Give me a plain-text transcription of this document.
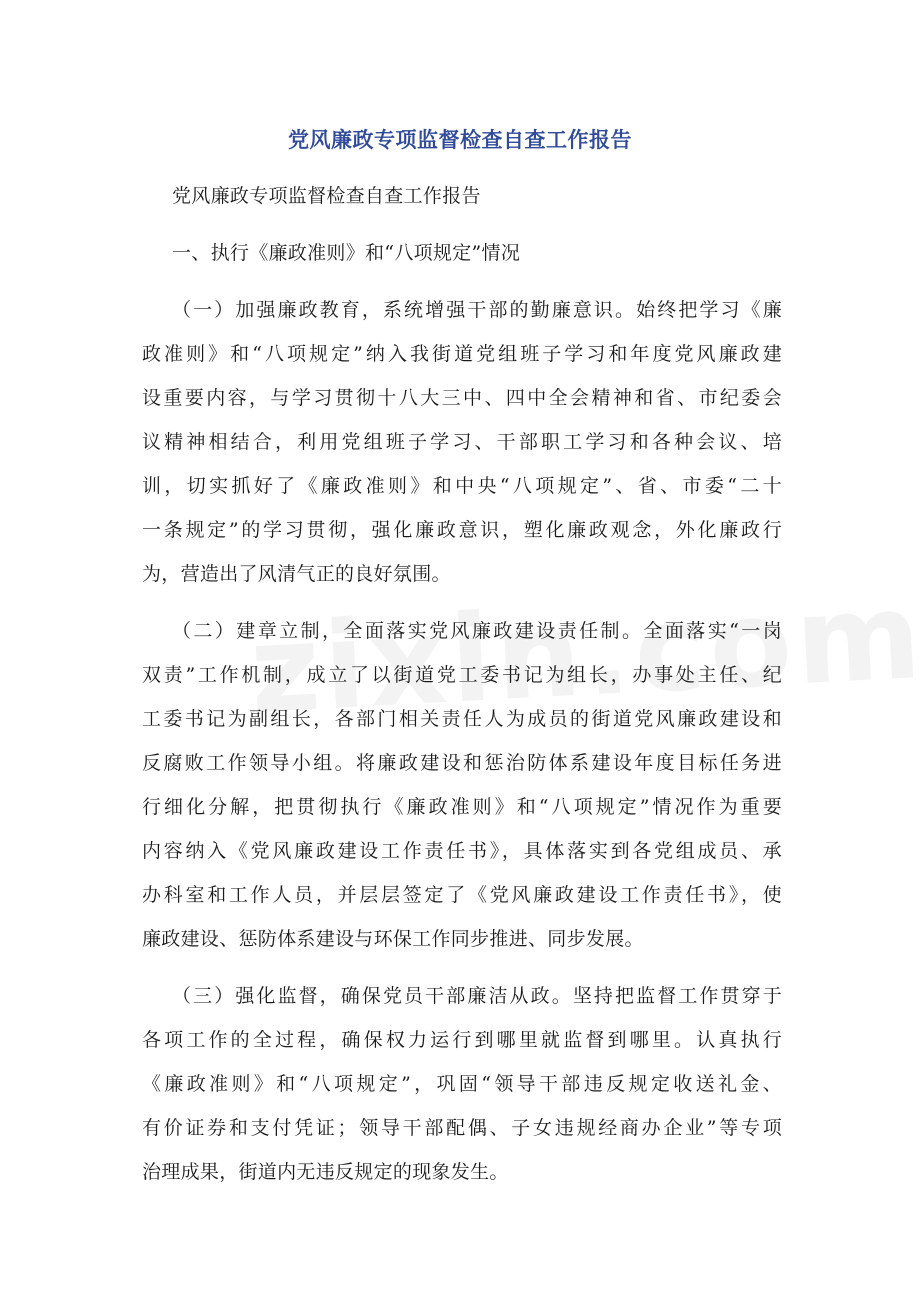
党风廉政专项监督检查自查工作报告
党风廉政专项监督检查自查工作报告
一、执行《廉政准则》和“八项规定”情况
（一）加强廉政教育，系统增强干部的勤廉意识。始终把学习《廉
政准则》和“八项规定”纳入我街道党组班子学习和年度党风廉政建
设重要内容，与学习贯彻十八大三中、四中全会精神和省、市纪委会
议精神相结合，利用党组班子学习、干部职工学习和各种会议、培
训，切实抓好了《廉政准则》和中央“八项规定”、省、市委“二十
一条规定”的学习贯彻，强化廉政意识，塑化廉政观念，外化廉政行
为，营造出了风清气正的良好氛围。
（二）建章立制，全面落实党风廉政建设责任制。全面落实“一岗
双责”工作机制，成立了以街道党工委书记为组长，办事处主任、纪
工委书记为副组长，各部门相关责任人为成员的街道党风廉政建设和
反腐败工作领导小组。将廉政建设和惩治防体系建设年度目标任务进
行细化分解，把贯彻执行《廉政准则》和“八项规定”情况作为重要
内容纳入《党风廉政建设工作责任书》，具体落实到各党组成员、承
办科室和工作人员，并层层签定了《党风廉政建设工作责任书》，使
廉政建设、惩防体系建设与环保工作同步推进、同步发展。
（三）强化监督，确保党员干部廉洁从政。坚持把监督工作贯穿于
各项工作的全过程，确保权力运行到哪里就监督到哪里。认真执行
《廉政准则》和“八项规定”，巩固“领导干部违反规定收送礼金、
有价证券和支付凭证；领导干部配偶、子女违规经商办企业”等专项
治理成果，街道内无违反规定的现象发生。
